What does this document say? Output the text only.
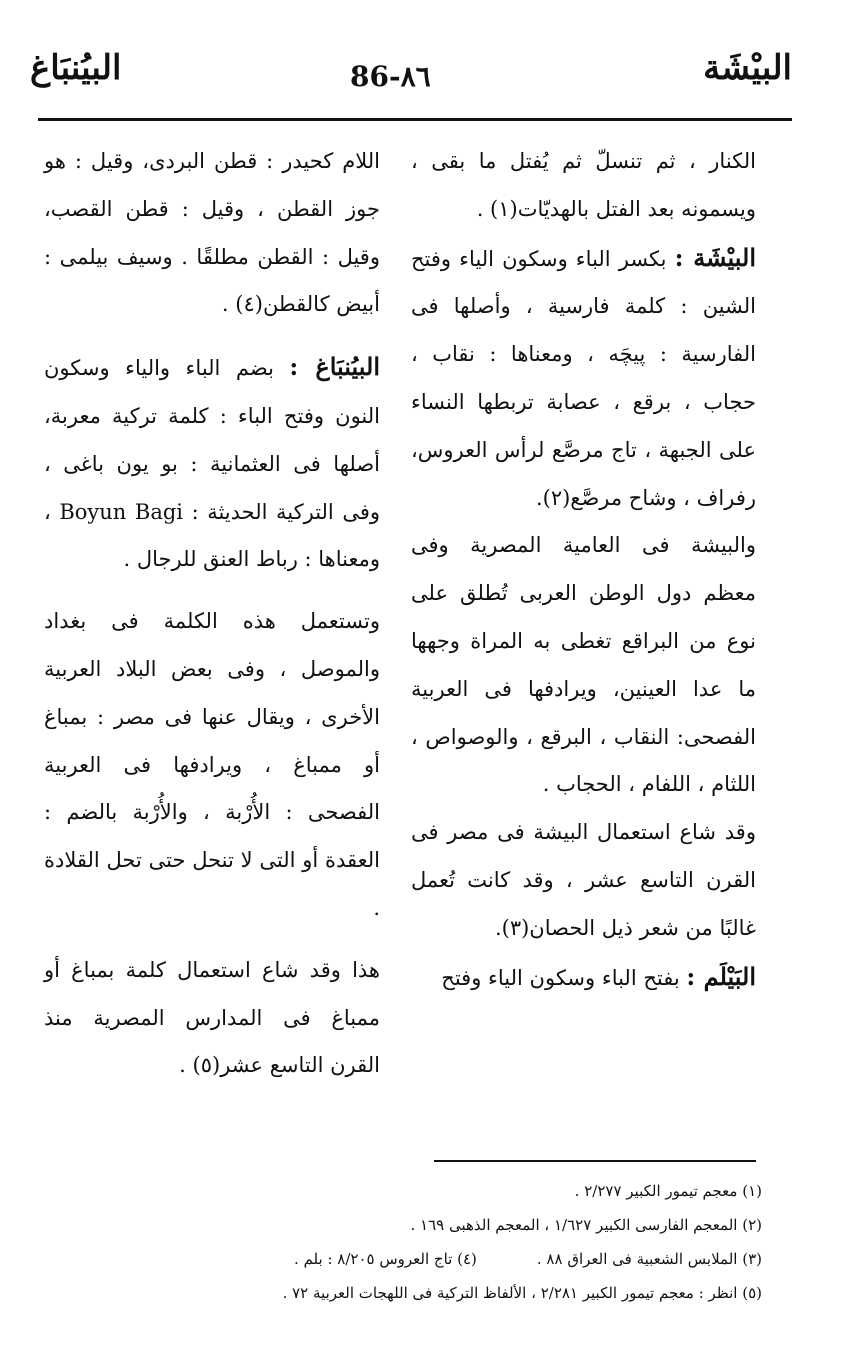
البيْشَة
86-٨٦
البيُنبَاغ

الكنار ، ثم تنسلّ ثم يُفتل ما بقى ، ويسمونه بعد الفتل بالهديّات(١) .

البيْشَة : بكسر الباء وسكون الياء وفتح الشين : كلمة فارسية ، وأصلها فى الفارسية : پيچَه ، ومعناها : نقاب ، حجاب ، برقع ، عصابة تربطها النساء على الجبهة ، تاج مرصَّع لرأس العروس، رفراف ، وشاح مرصَّع(٢).

والبيشة فى العامية المصرية وفى معظم دول الوطن العربى تُطلق على نوع من البراقع تغطى به المراة وجهها ما عدا العينين، ويرادفها فى العربية الفصحى: النقاب ، البرقع ، والوصواص ، اللثام ، اللفام ، الحجاب .

وقد شاع استعمال البيشة فى مصر فى القرن التاسع عشر ، وقد كانت تُعمل غالبًا من شعر ذيل الحصان(٣).

البَيْلَم : بفتح الباء وسكون الياء وفتح

اللام كحيدر : قطن البردى، وقيل : هو جوز القطن ، وقيل : قطن القصب، وقيل : القطن مطلقًا . وسيف بيلمى : أبيض كالقطن(٤) .

البيُنبَاغ : بضم الباء والياء وسكون النون وفتح الباء : كلمة تركية معربة، أصلها فى العثمانية : بو يون باغى ، وفى التركية الحديثة : Boyun Bagi ، ومعناها : رباط العنق للرجال .

وتستعمل هذه الكلمة فى بغداد والموصل ، وفى بعض البلاد العربية الأخرى ، ويقال عنها فى مصر : بمباغ أو ممباغ ، ويرادفها فى العربية الفصحى : الأُرْبة ، والأُرْبة بالضم : العقدة أو التى لا تنحل حتى تحل القلادة .

هذا وقد شاع استعمال كلمة بمباغ أو ممباغ فى المدارس المصرية منذ القرن التاسع عشر(٥) .

(١) معجم تيمور الكبير ٢/٢٧٧ .

(٢) المعجم الفارسى الكبير ١/٦٢٧ ، المعجم الذهبى ١٦٩ .

(٣) الملابس الشعبية فى العراق ٨٨ .
(٤) تاج العروس ٨/٢٠٥ : بلم .

(٥) انظر : معجم تيمور الكبير ٢/٢٨١ ، الألفاظ التركية فى اللهجات العربية ٧٢ .
